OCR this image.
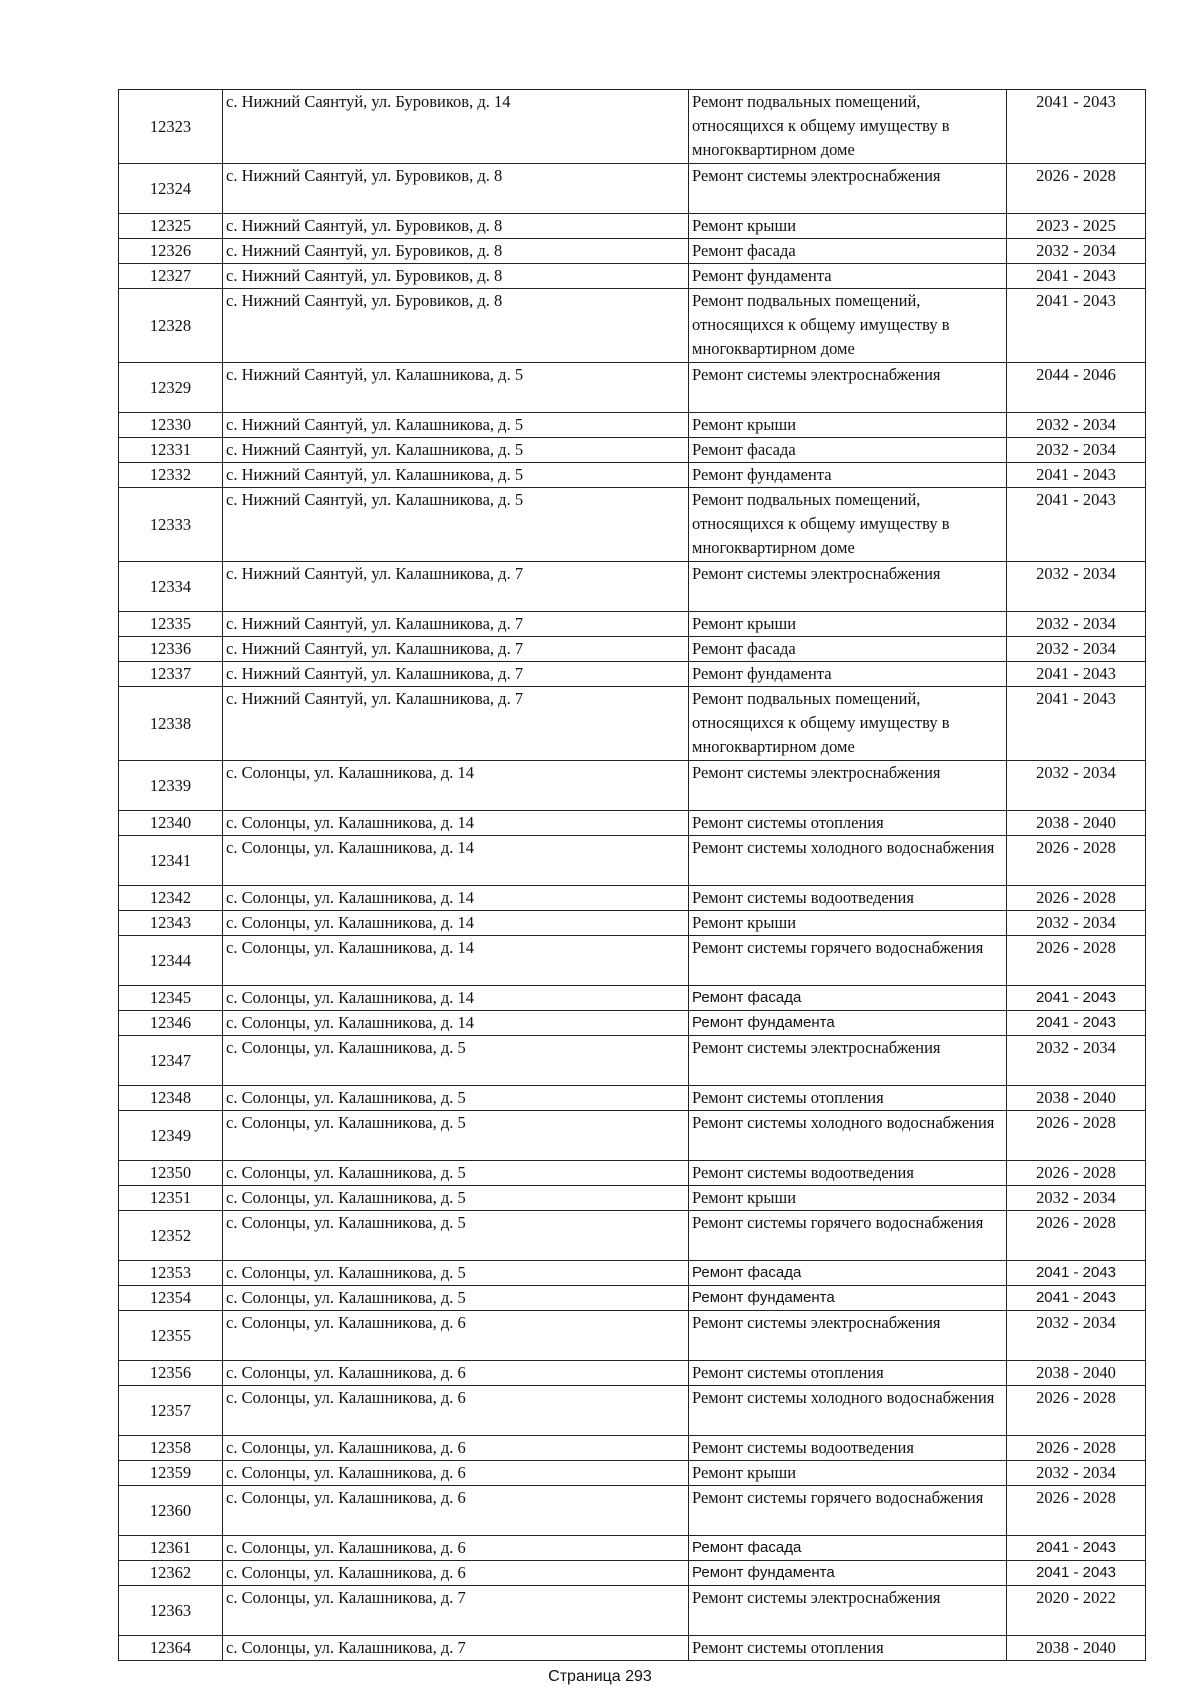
12323	с. Нижний Саянтуй, ул. Буровиков, д. 14	Ремонт подвальных помещений, относящихся к общему имуществу в многоквартирном доме	2041 - 2043
12324	с. Нижний Саянтуй, ул. Буровиков, д. 8	Ремонт системы электроснабжения	2026 - 2028
12325	с. Нижний Саянтуй, ул. Буровиков, д. 8	Ремонт крыши	2023 - 2025
12326	с. Нижний Саянтуй, ул. Буровиков, д. 8	Ремонт фасада	2032 - 2034
12327	с. Нижний Саянтуй, ул. Буровиков, д. 8	Ремонт фундамента	2041 - 2043
12328	с. Нижний Саянтуй, ул. Буровиков, д. 8	Ремонт подвальных помещений, относящихся к общему имуществу в многоквартирном доме	2041 - 2043
12329	с. Нижний Саянтуй, ул. Калашникова, д. 5	Ремонт системы электроснабжения	2044 - 2046
12330	с. Нижний Саянтуй, ул. Калашникова, д. 5	Ремонт крыши	2032 - 2034
12331	с. Нижний Саянтуй, ул. Калашникова, д. 5	Ремонт фасада	2032 - 2034
12332	с. Нижний Саянтуй, ул. Калашникова, д. 5	Ремонт фундамента	2041 - 2043
12333	с. Нижний Саянтуй, ул. Калашникова, д. 5	Ремонт подвальных помещений, относящихся к общему имуществу в многоквартирном доме	2041 - 2043
12334	с. Нижний Саянтуй, ул. Калашникова, д. 7	Ремонт системы электроснабжения	2032 - 2034
12335	с. Нижний Саянтуй, ул. Калашникова, д. 7	Ремонт крыши	2032 - 2034
12336	с. Нижний Саянтуй, ул. Калашникова, д. 7	Ремонт фасада	2032 - 2034
12337	с. Нижний Саянтуй, ул. Калашникова, д. 7	Ремонт фундамента	2041 - 2043
12338	с. Нижний Саянтуй, ул. Калашникова, д. 7	Ремонт подвальных помещений, относящихся к общему имуществу в многоквартирном доме	2041 - 2043
12339	с. Солонцы, ул. Калашникова, д. 14	Ремонт системы электроснабжения	2032 - 2034
12340	с. Солонцы, ул. Калашникова, д. 14	Ремонт системы отопления	2038 - 2040
12341	с. Солонцы, ул. Калашникова, д. 14	Ремонт системы холодного водоснабжения	2026 - 2028
12342	с. Солонцы, ул. Калашникова, д. 14	Ремонт системы водоотведения	2026 - 2028
12343	с. Солонцы, ул. Калашникова, д. 14	Ремонт крыши	2032 - 2034
12344	с. Солонцы, ул. Калашникова, д. 14	Ремонт системы горячего водоснабжения	2026 - 2028
12345	с. Солонцы, ул. Калашникова, д. 14	Ремонт фасада	2041 - 2043
12346	с. Солонцы, ул. Калашникова, д. 14	Ремонт фундамента	2041 - 2043
12347	с. Солонцы, ул. Калашникова, д. 5	Ремонт системы электроснабжения	2032 - 2034
12348	с. Солонцы, ул. Калашникова, д. 5	Ремонт системы отопления	2038 - 2040
12349	с. Солонцы, ул. Калашникова, д. 5	Ремонт системы холодного водоснабжения	2026 - 2028
12350	с. Солонцы, ул. Калашникова, д. 5	Ремонт системы водоотведения	2026 - 2028
12351	с. Солонцы, ул. Калашникова, д. 5	Ремонт крыши	2032 - 2034
12352	с. Солонцы, ул. Калашникова, д. 5	Ремонт системы горячего водоснабжения	2026 - 2028
12353	с. Солонцы, ул. Калашникова, д. 5	Ремонт фасада	2041 - 2043
12354	с. Солонцы, ул. Калашникова, д. 5	Ремонт фундамента	2041 - 2043
12355	с. Солонцы, ул. Калашникова, д. 6	Ремонт системы электроснабжения	2032 - 2034
12356	с. Солонцы, ул. Калашникова, д. 6	Ремонт системы отопления	2038 - 2040
12357	с. Солонцы, ул. Калашникова, д. 6	Ремонт системы холодного водоснабжения	2026 - 2028
12358	с. Солонцы, ул. Калашникова, д. 6	Ремонт системы водоотведения	2026 - 2028
12359	с. Солонцы, ул. Калашникова, д. 6	Ремонт крыши	2032 - 2034
12360	с. Солонцы, ул. Калашникова, д. 6	Ремонт системы горячего водоснабжения	2026 - 2028
12361	с. Солонцы, ул. Калашникова, д. 6	Ремонт фасада	2041 - 2043
12362	с. Солонцы, ул. Калашникова, д. 6	Ремонт фундамента	2041 - 2043
12363	с. Солонцы, ул. Калашникова, д. 7	Ремонт системы электроснабжения	2020 - 2022
12364	с. Солонцы, ул. Калашникова, д. 7	Ремонт системы отопления	2038 - 2040
Страница 293
